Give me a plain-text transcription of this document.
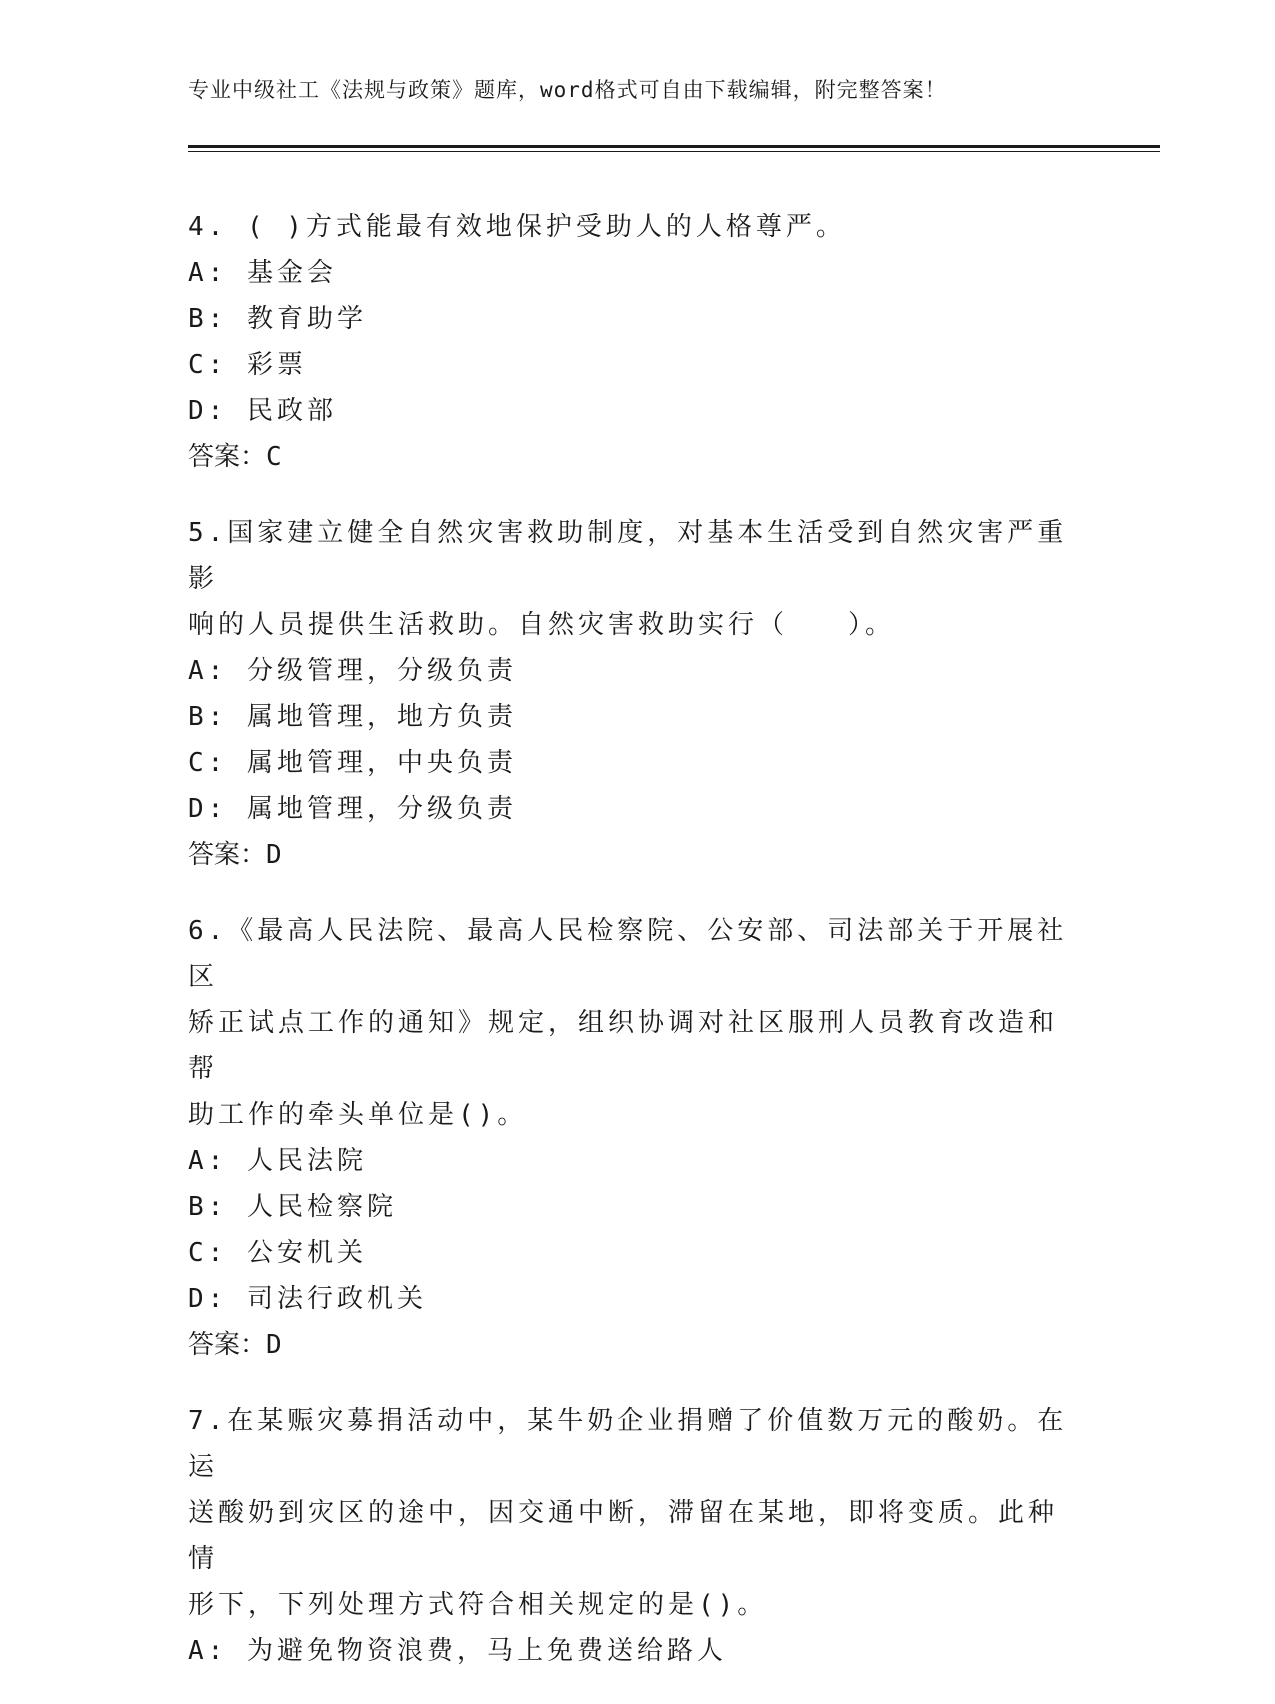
专业中级社工《法规与政策》题库，word格式可自由下载编辑，附完整答案！

4. ( )方式能最有效地保护受助人的人格尊严。

A: 基金会

B: 教育助学

C: 彩票

D: 民政部

答案：C

5.国家建立健全自然灾害救助制度，对基本生活受到自然灾害严重影

响的人员提供生活救助。自然灾害救助实行（　　）。

A: 分级管理，分级负责

B: 属地管理，地方负责

C: 属地管理，中央负责

D: 属地管理，分级负责

答案：D

6.《最高人民法院、最高人民检察院、公安部、司法部关于开展社区

矫正试点工作的通知》规定，组织协调对社区服刑人员教育改造和帮

助工作的牵头单位是()。

A: 人民法院

B: 人民检察院

C: 公安机关

D: 司法行政机关

答案：D

7.在某赈灾募捐活动中，某牛奶企业捐赠了价值数万元的酸奶。在运

送酸奶到灾区的途中，因交通中断，滞留在某地，即将变质。此种情

形下，下列处理方式符合相关规定的是()。

A: 为避免物资浪费，马上免费送给路人
